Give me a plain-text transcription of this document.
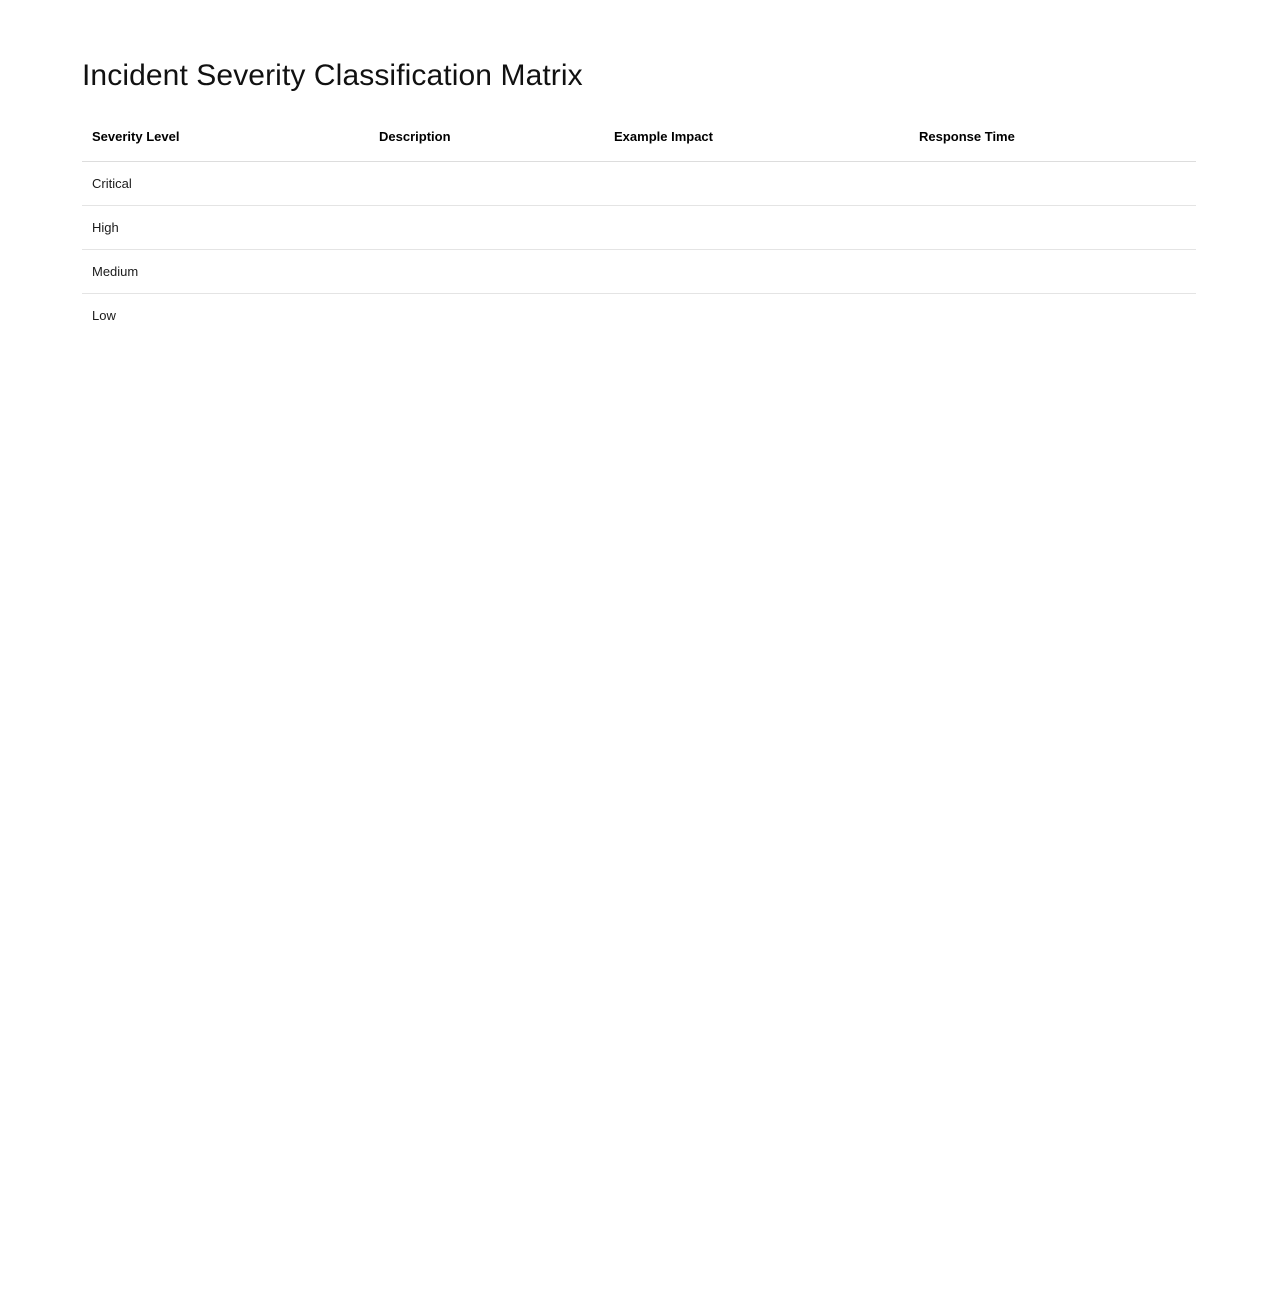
Incident Severity Classification Matrix
Severity Level	Description	Example Impact	Response Time
Critical			
High			
Medium			
Low			
